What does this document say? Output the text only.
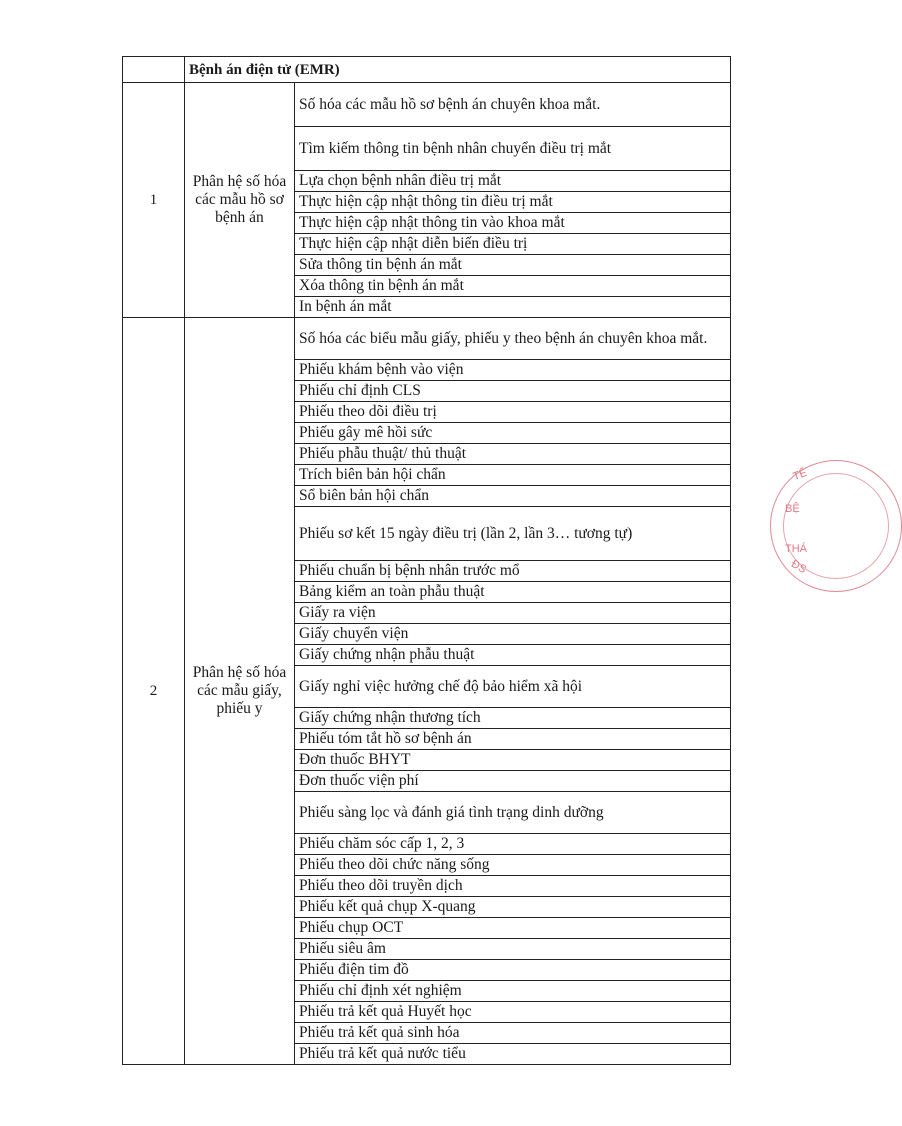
	Bệnh án điện tử (EMR)	
1	Phân hệ số hóa các mẫu hồ sơ bệnh án	Số hóa các mẫu hồ sơ bệnh án chuyên khoa mắt.
		Tìm kiếm thông tin bệnh nhân chuyển điều trị mắt
		Lựa chọn bệnh nhân điều trị mắt
		Thực hiện cập nhật thông tin điều trị mắt
		Thực hiện cập nhật thông tin vào khoa mắt
		Thực hiện cập nhật diễn biến điều trị
		Sửa thông tin bệnh án mắt
		Xóa thông tin bệnh án mắt
		In bệnh án mắt
2	Phân hệ số hóa các mẫu giấy, phiếu y	Số hóa các biểu mẫu giấy, phiếu y theo bệnh án chuyên khoa mắt.
		Phiếu khám bệnh vào viện
		Phiếu chỉ định CLS
		Phiếu theo dõi điều trị
		Phiếu gây mê hồi sức
		Phiếu phẫu thuật/ thủ thuật
		Trích biên bản hội chẩn
		Sổ biên bản hội chẩn
		Phiếu sơ kết 15 ngày điều trị (lần 2, lần 3… tương tự)
		Phiếu chuẩn bị bệnh nhân trước mổ
		Bảng kiểm an toàn phẫu thuật
		Giấy ra viện
		Giấy chuyển viện
		Giấy chứng nhận phẫu thuật
		Giấy nghỉ việc hưởng chế độ bảo hiểm xã hội
		Giấy chứng nhận thương tích
		Phiếu tóm tắt hồ sơ bệnh án
		Đơn thuốc BHYT
		Đơn thuốc viện phí
		Phiếu sàng lọc và đánh giá tình trạng dinh dưỡng
		Phiếu chăm sóc cấp 1, 2, 3
		Phiếu theo dõi chức năng sống
		Phiếu theo dõi truyền dịch
		Phiếu kết quả chụp X-quang
		Phiếu chụp OCT
		Phiếu siêu âm
		Phiếu điện tim đồ
		Phiếu chỉ định xét nghiệm
		Phiếu trả kết quả Huyết học
		Phiếu trả kết quả sinh hóa
		Phiếu trả kết quả nước tiểu
TẾ
BỆ
THÁ
ĐS
